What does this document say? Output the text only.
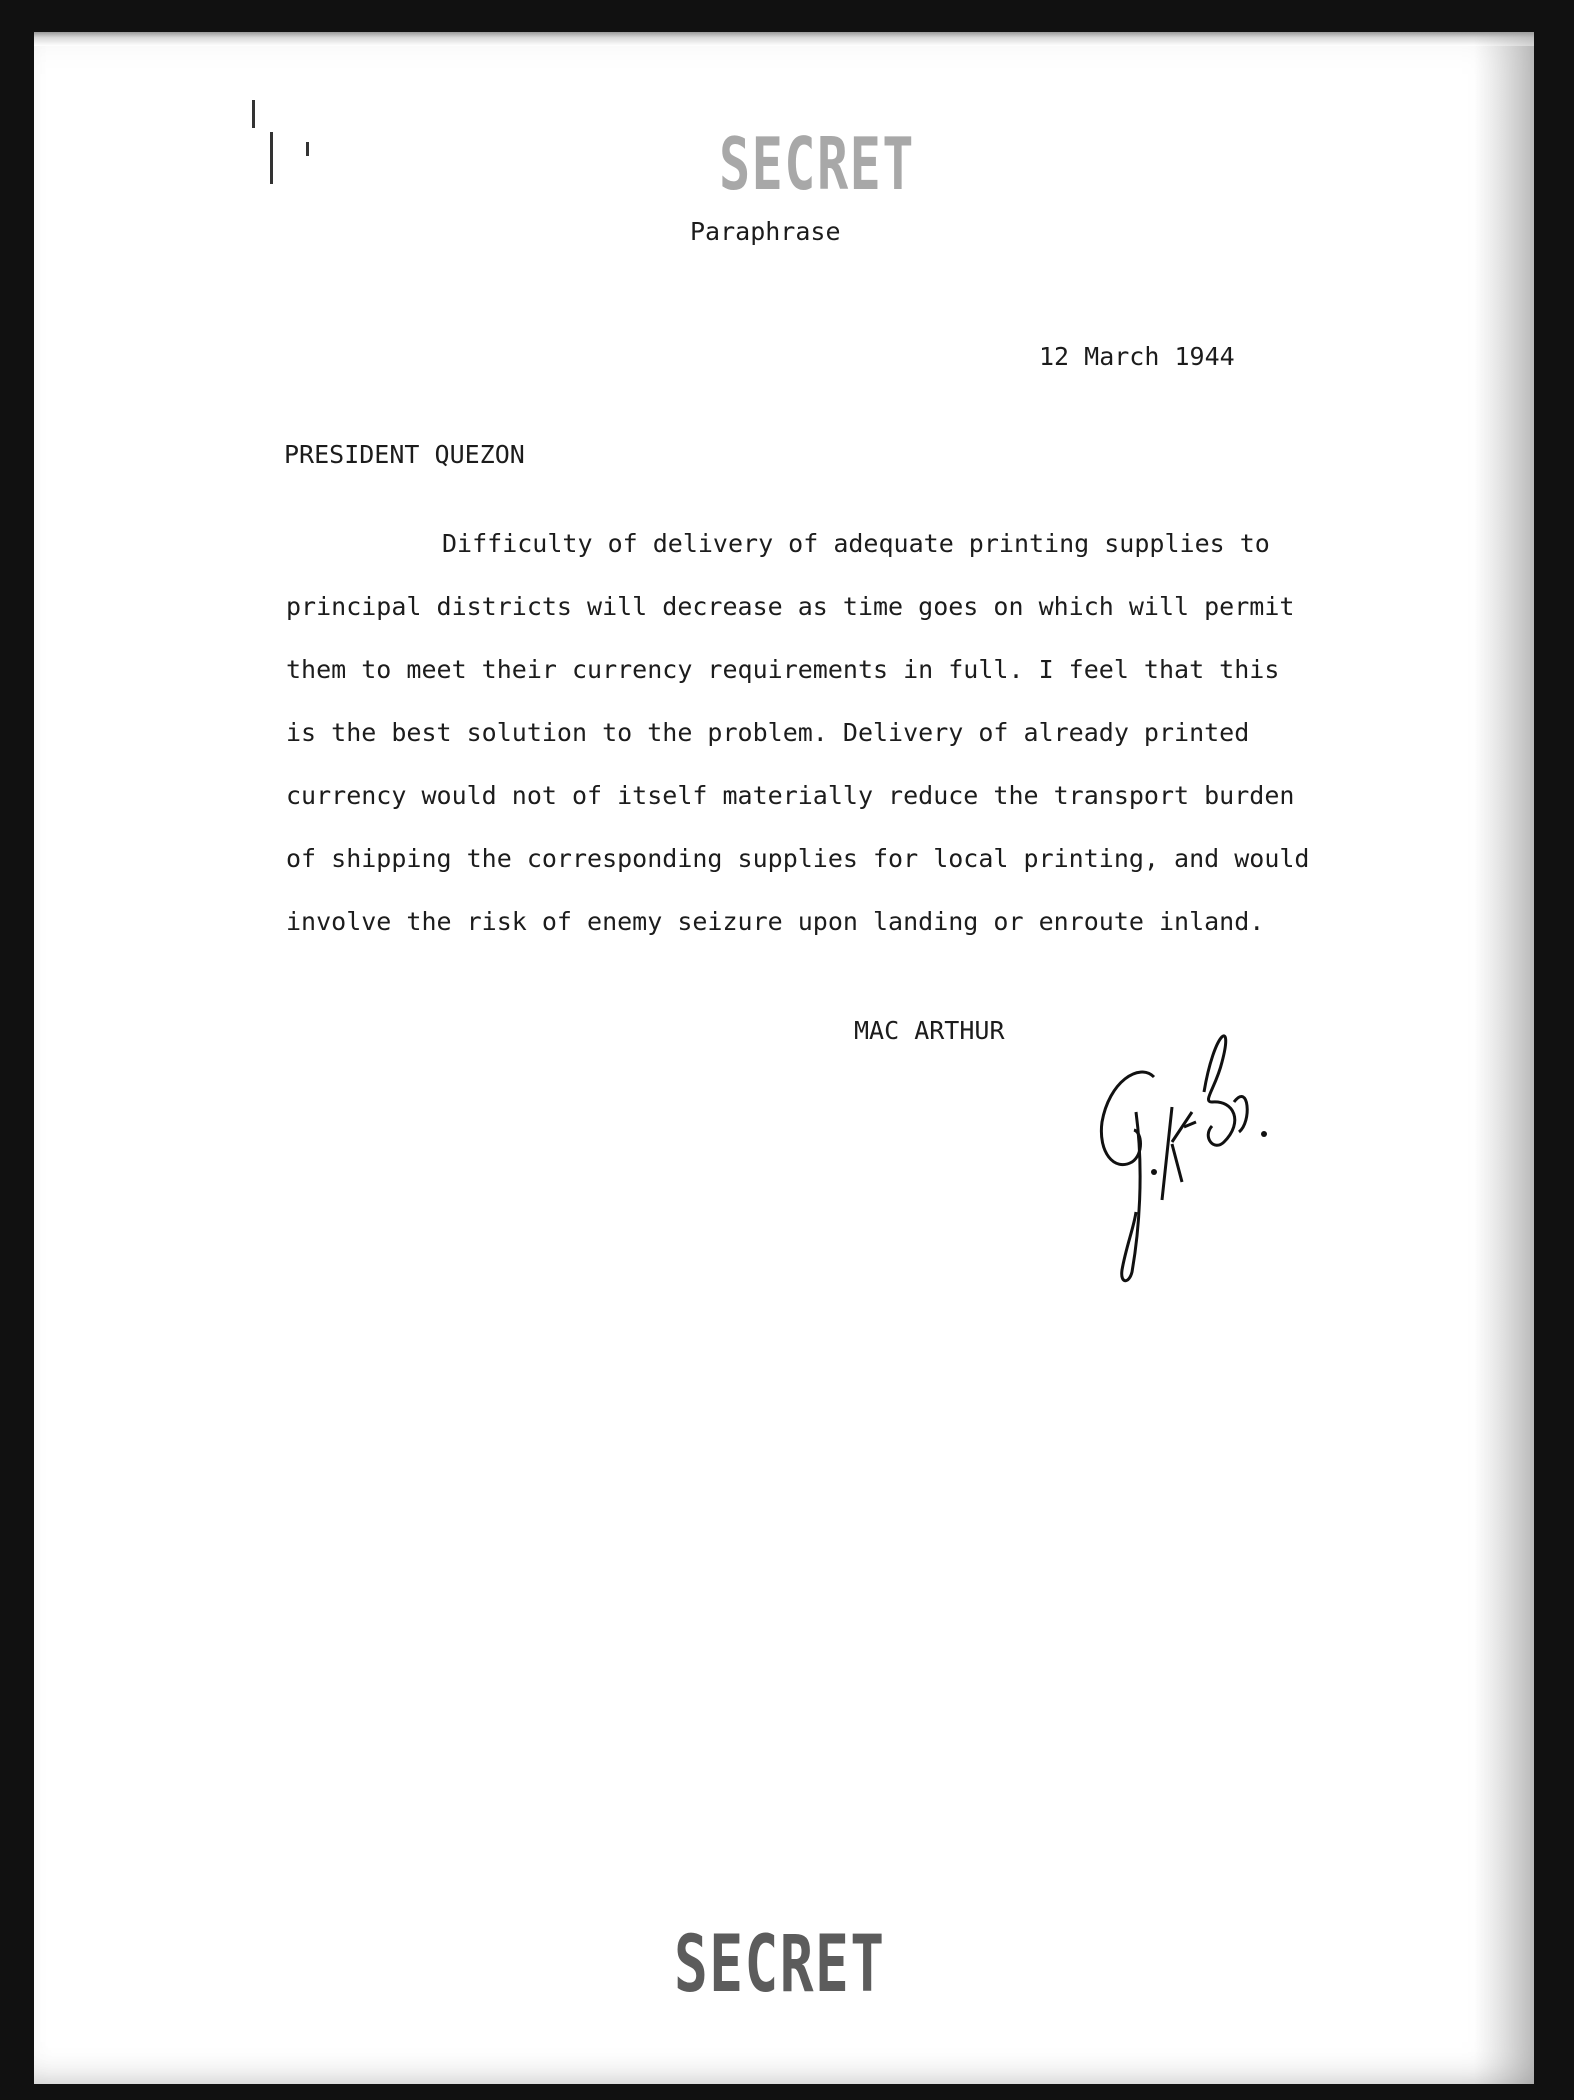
SECRET
Paraphrase
12 March 1944
PRESIDENT QUEZON

Difficulty of delivery of adequate printing supplies to
principal districts will decrease as time goes on which will permit
them to meet their currency requirements in full. I feel that this
is the best solution to the problem. Delivery of already printed
currency would not of itself materially reduce the transport burden
of shipping the corresponding supplies for local printing, and would
involve the risk of enemy seizure upon landing or enroute inland.

MAC ARTHUR
SECRET
